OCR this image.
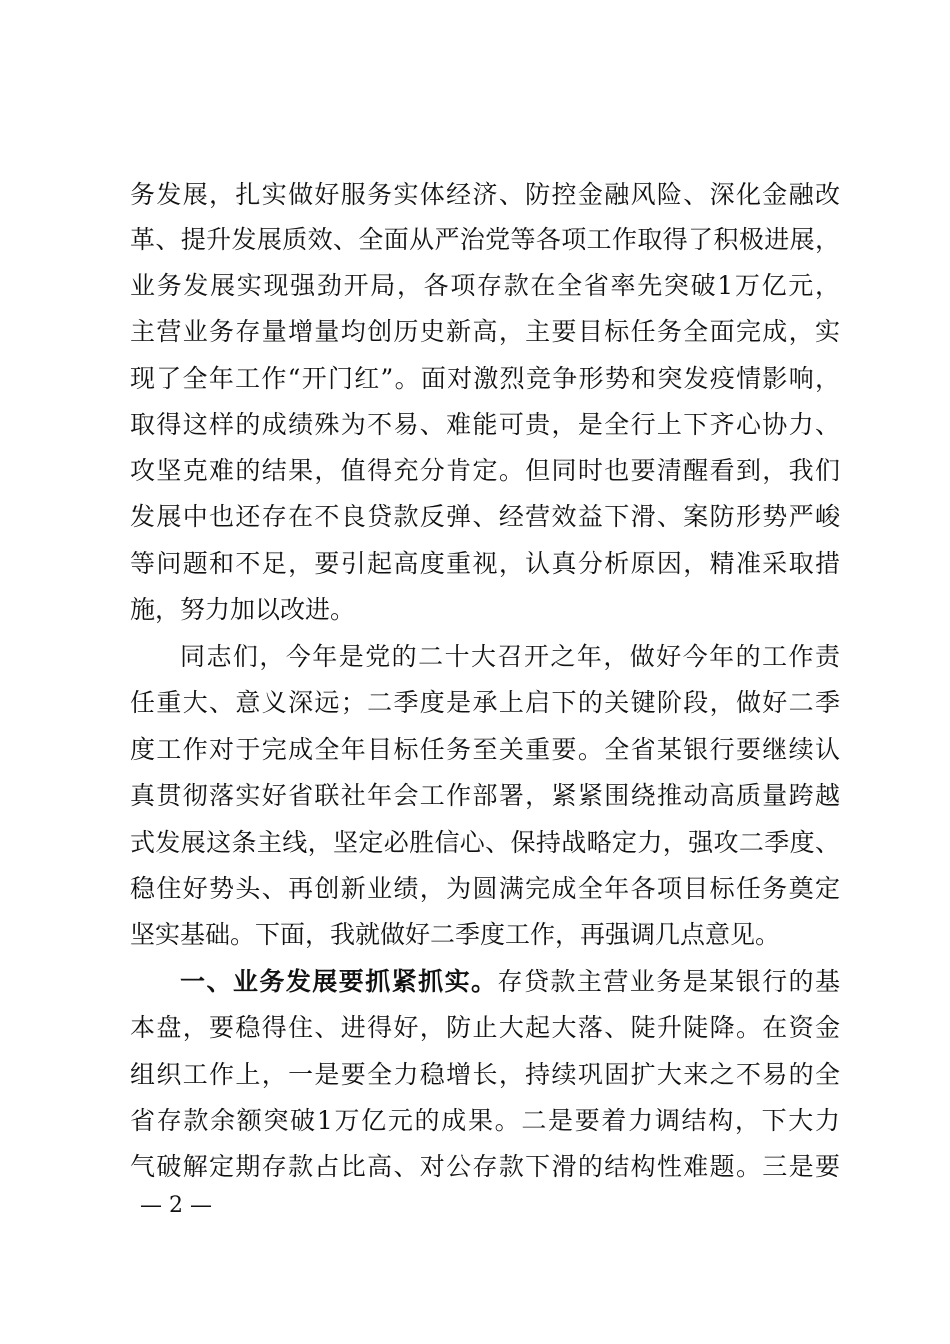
务发展，扎实做好服务实体经济、防控金融风险、深化金融改
革、提升发展质效、全面从严治党等各项工作取得了积极进展，
业务发展实现强劲开局，各项存款在全省率先突破1万亿元，
主营业务存量增量均创历史新高，主要目标任务全面完成，实
现了全年工作“开门红”。面对激烈竞争形势和突发疫情影响，
取得这样的成绩殊为不易、难能可贵，是全行上下齐心协力、
攻坚克难的结果，值得充分肯定。但同时也要清醒看到，我们
发展中也还存在不良贷款反弹、经营效益下滑、案防形势严峻
等问题和不足，要引起高度重视，认真分析原因，精准采取措
施，努力加以改进。
同志们，今年是党的二十大召开之年，做好今年的工作责
任重大、意义深远；二季度是承上启下的关键阶段，做好二季
度工作对于完成全年目标任务至关重要。全省某银行要继续认
真贯彻落实好省联社年会工作部署，紧紧围绕推动高质量跨越
式发展这条主线，坚定必胜信心、保持战略定力，强攻二季度、
稳住好势头、再创新业绩，为圆满完成全年各项目标任务奠定
坚实基础。下面，我就做好二季度工作，再强调几点意见。
一、业务发展要抓紧抓实。存贷款主营业务是某银行的基
本盘，要稳得住、进得好，防止大起大落、陡升陡降。在资金
组织工作上，一是要全力稳增长，持续巩固扩大来之不易的全
省存款余额突破1万亿元的成果。二是要着力调结构，下大力
气破解定期存款占比高、对公存款下滑的结构性难题。三是要
— 2 —
